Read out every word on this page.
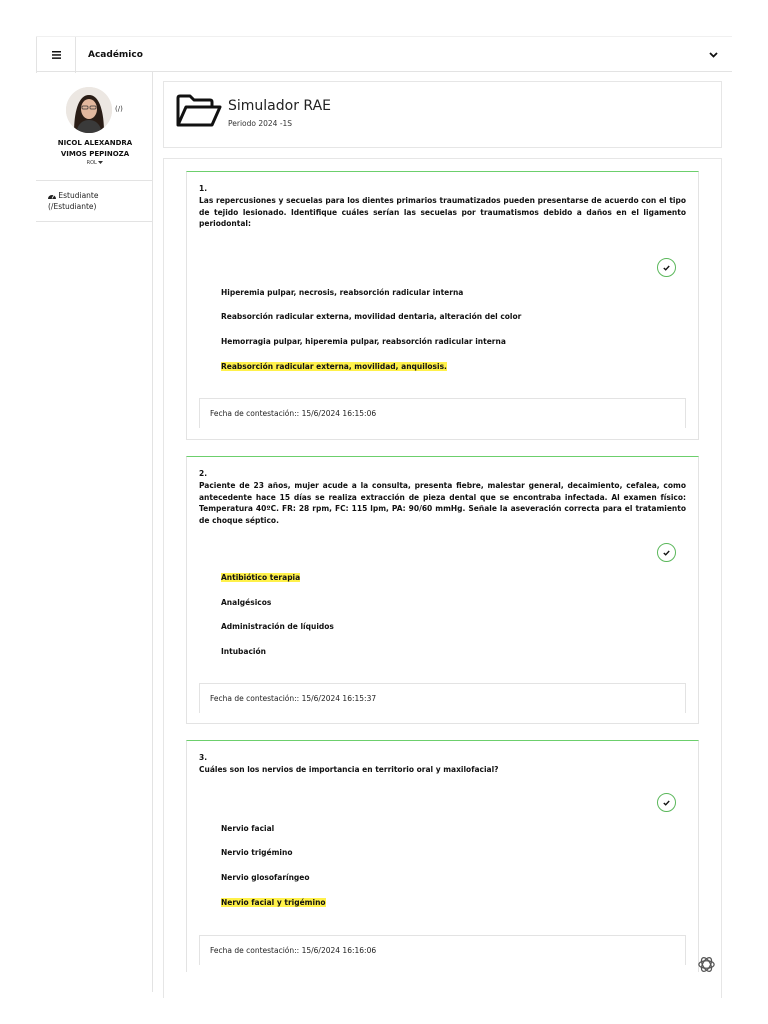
Académico
(/)
NICOL ALEXANDRA
VIMOS PEPINOZA
ROL
Estudiante (/Estudiante)
Simulador RAE
Periodo 2024 -1S
1.
Las repercusiones y secuelas para los dientes primarios traumatizados pueden presentarse de acuerdo con el tipo de tejido lesionado. Identifique cuáles serían las secuelas por traumatismos debido a daños en el ligamento periodontal:
Hiperemia pulpar, necrosis, reabsorción radicular interna
Reabsorción radicular externa, movilidad dentaria, alteración del color
Hemorragia pulpar, hiperemia pulpar, reabsorción radicular interna
Reabsorción radicular externa, movilidad, anquilosis.
Fecha de contestación:: 15/6/2024 16:15:06
2.
Paciente de 23 años, mujer acude a la consulta, presenta fiebre, malestar general, decaimiento, cefalea, como antecedente hace 15 días se realiza extracción de pieza dental que se encontraba infectada. Al examen físico: Temperatura 40ºC. FR: 28 rpm, FC: 115 lpm, PA: 90/60 mmHg. Señale la aseveración correcta para el tratamiento de choque séptico.
Antibiótico terapia
Analgésicos
Administración de líquidos
Intubación
Fecha de contestación:: 15/6/2024 16:15:37
3.
Cuáles son los nervios de importancia en territorio oral y maxilofacial?
Nervio facial
Nervio trigémino
Nervio glosofaríngeo
Nervio facial y trigémino
Fecha de contestación:: 15/6/2024 16:16:06
